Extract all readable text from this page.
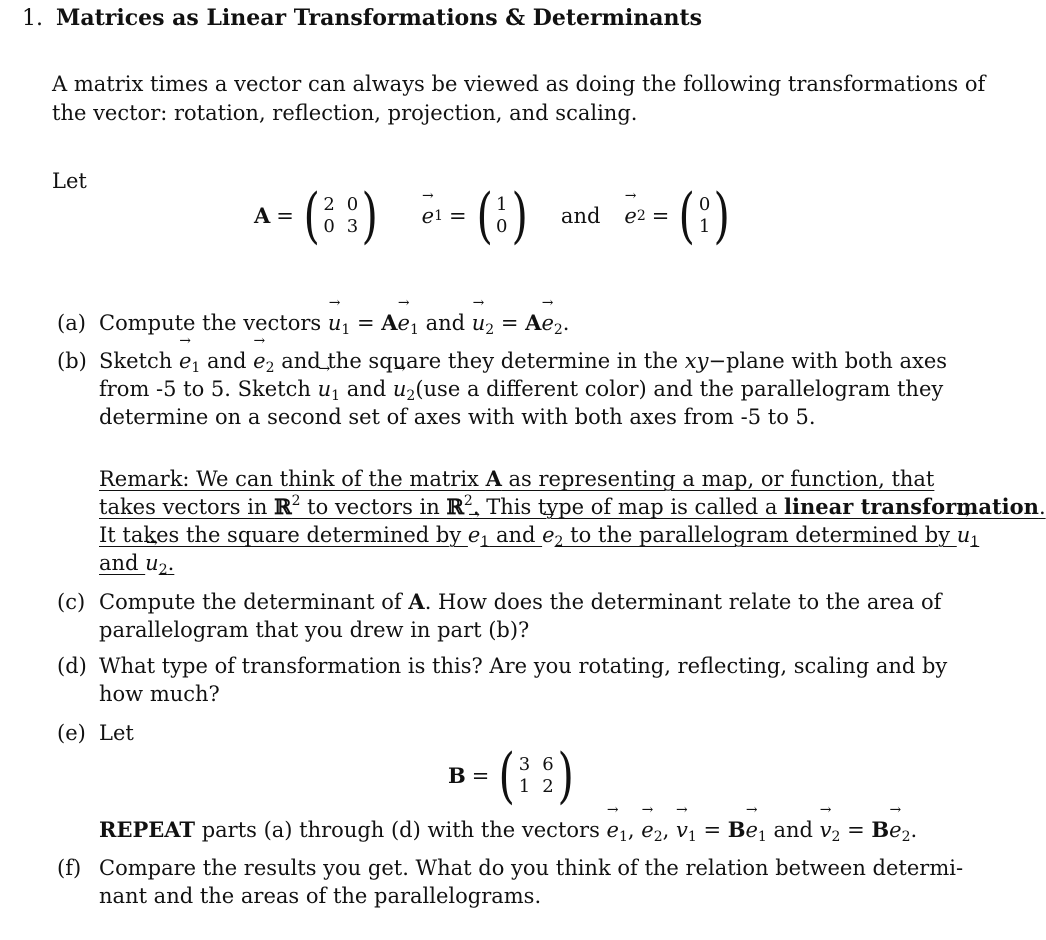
1. Matrices as Linear Transformations & Determinants
A matrix times a vector can always be viewed as doing the following transformations of
the vector: rotation, reflection, projection, and scaling.
Let
A = ( 2 0
0 3 ) → e 1 = ( 1
0 ) and → e 2 = ( 0
1 )
(a) Compute the vectors → $u_1 = A\to e_1$ and → $u_2 = A\to e_2$.
(b) Sketch → $e_1$ and → $e_2$ and the square they determine in the xy−plane with both axes
from -5 to 5. Sketch → $u_1$ and → $u_2(use$ a different color) and the parallelogram they
determine on a second set of axes with with both axes from -5 to 5.
Remark: We can think of the matrix A as representing a map, or function, that
takes vectors in ℝ$^2$ to vectors in ℝ$^2$. This type of map is called a linear transformation.
It takes the square determined by → $e_1$ and → $e_2$ to the parallelogram determined by → $u_1$
and → $u_2$.
(c) Compute the determinant of A. How does the determinant relate to the area of
parallelogram that you drew in part (b)?
(d) What type of transformation is this? Are you rotating, reflecting, scaling and by
how much?
(e) Let
B = ( 3 6
1 2 )
REPEAT parts (a) through (d) with the vectors → $e_1$, → $e_2$, → $v_1 = B\to e_1$ and → $v_2 = B\to e_2$.
(f) Compare the results you get. What do you think of the relation between determi-
nant and the areas of the parallelograms.
